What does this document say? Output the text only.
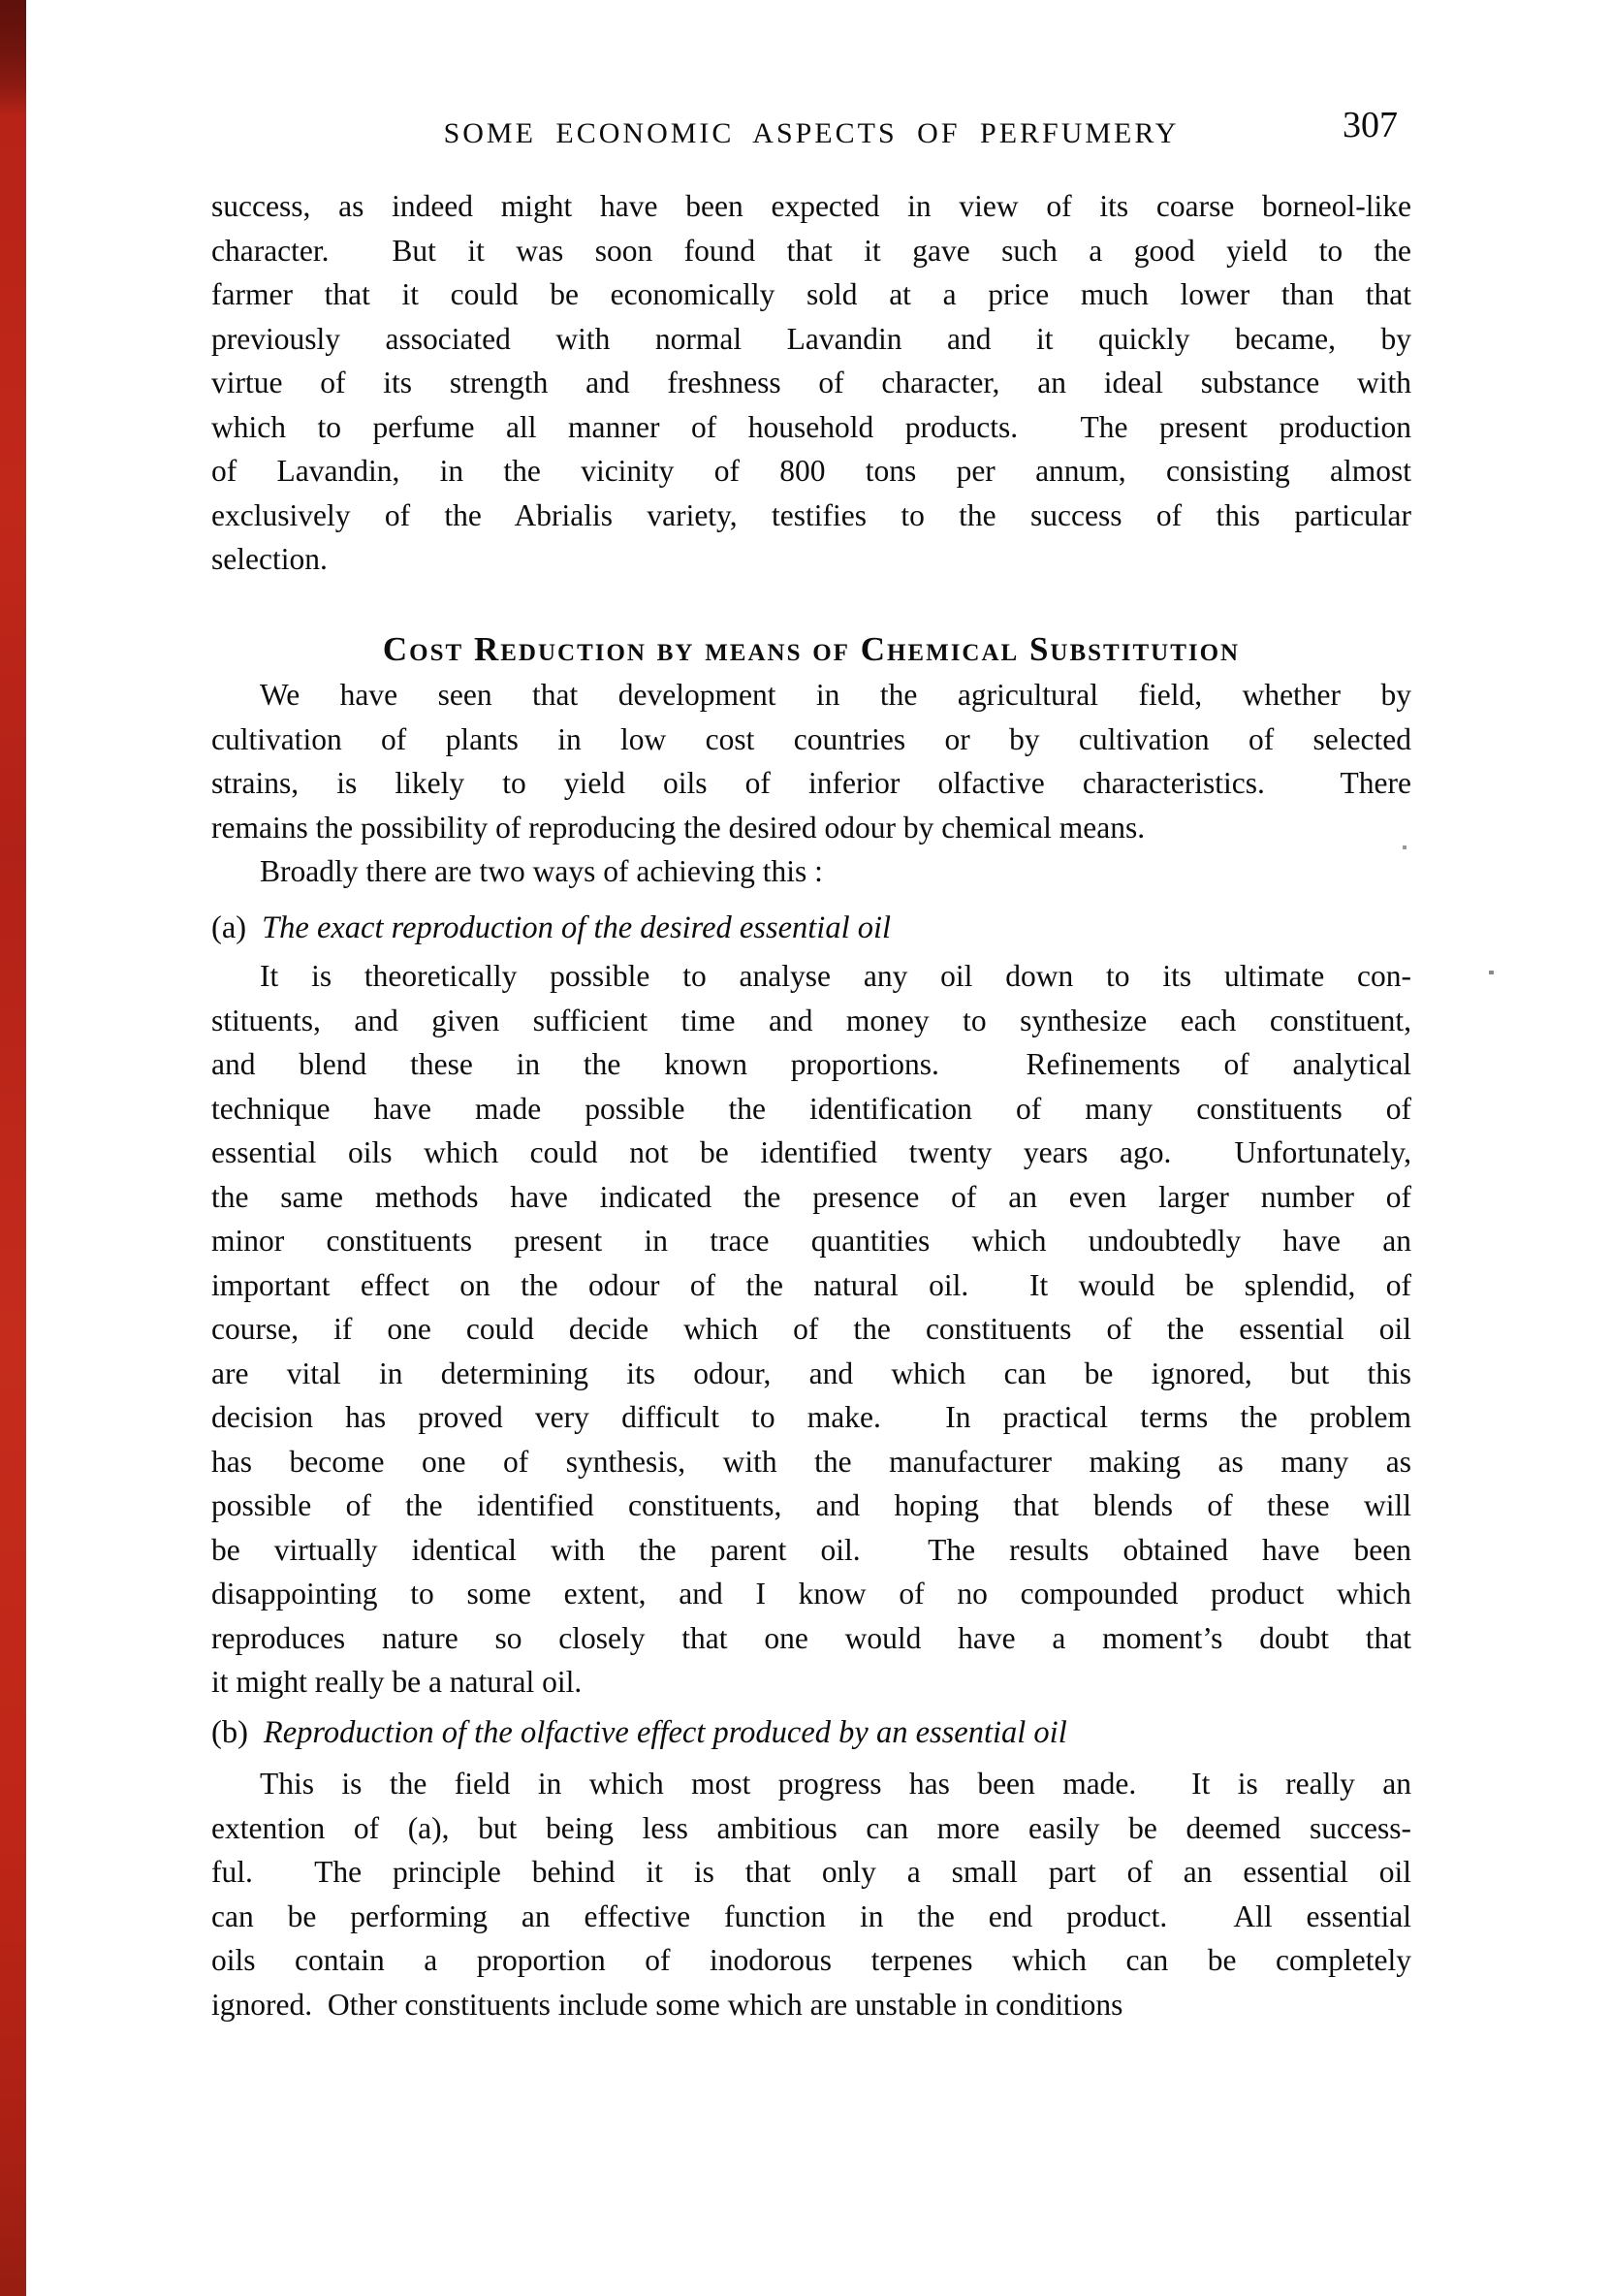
SOME ECONOMIC ASPECTS OF PERFUMERY	307
success, as indeed might have been expected in view of its coarse borneol-like
character.  But it was soon found that it gave such a good yield to the
farmer that it could be economically sold at a price much lower than that
previously associated with normal Lavandin and it quickly became, by
virtue of its strength and freshness of character, an ideal substance with
which to perfume all manner of household products.  The present production
of Lavandin, in the vicinity of 800 tons per annum, consisting almost
exclusively of the Abrialis variety, testifies to the success of this particular
selection.
Cost Reduction by means of Chemical Substitution
We have seen that development in the agricultural field, whether by
cultivation of plants in low cost countries or by cultivation of selected
strains, is likely to yield oils of inferior olfactive characteristics.  There
remains the possibility of reproducing the desired odour by chemical means.
Broadly there are two ways of achieving this :
(a) The exact reproduction of the desired essential oil
It is theoretically possible to analyse any oil down to its ultimate con-
stituents, and given sufficient time and money to synthesize each constituent,
and blend these in the known proportions.  Refinements of analytical
technique have made possible the identification of many constituents of
essential oils which could not be identified twenty years ago.  Unfortunately,
the same methods have indicated the presence of an even larger number of
minor constituents present in trace quantities which undoubtedly have an
important effect on the odour of the natural oil.  It would be splendid, of
course, if one could decide which of the constituents of the essential oil
are vital in determining its odour, and which can be ignored, but this
decision has proved very difficult to make.  In practical terms the problem
has become one of synthesis, with the manufacturer making as many as
possible of the identified constituents, and hoping that blends of these will
be virtually identical with the parent oil.  The results obtained have been
disappointing to some extent, and I know of no compounded product which
reproduces nature so closely that one would have a moment’s doubt that
it might really be a natural oil.
(b) Reproduction of the olfactive effect produced by an essential oil
This is the field in which most progress has been made.  It is really an
extention of (a), but being less ambitious can more easily be deemed success-
ful.  The principle behind it is that only a small part of an essential oil
can be performing an effective function in the end product.  All essential
oils contain a proportion of inodorous terpenes which can be completely
ignored.  Other constituents include some which are unstable in conditions
